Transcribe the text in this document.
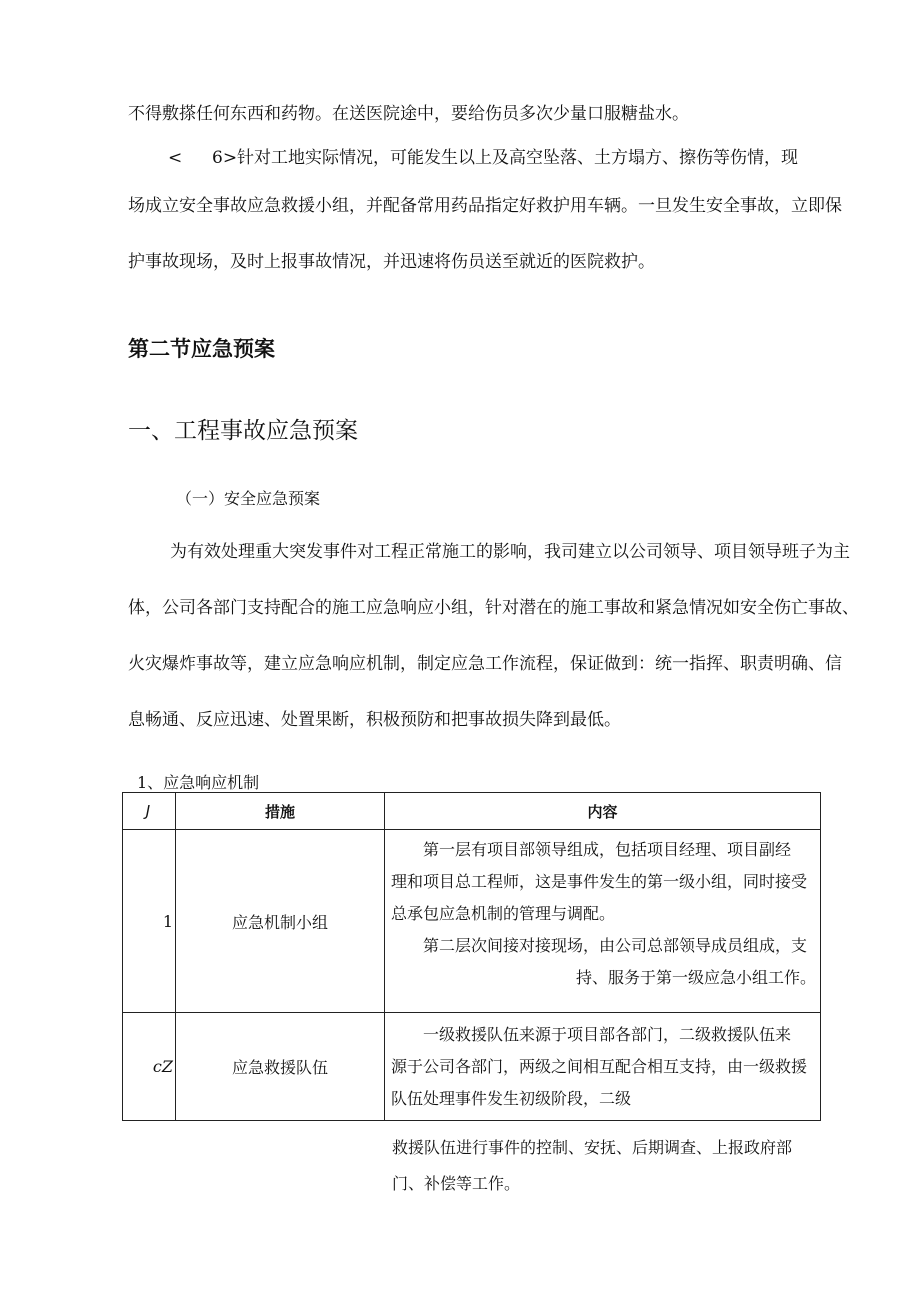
不得敷搽任何东西和药物。在送医院途中，要给伤员多次少量口服糖盐水。
< 6>针对工地实际情况，可能发生以上及高空坠落、土方塌方、擦伤等伤情，现
场成立安全事故应急救援小组，并配备常用药品指定好救护用车辆。一旦发生安全事故，立即保
护事故现场，及时上报事故情况，并迅速将伤员送至就近的医院救护。
第二节应急预案
一、工程事故应急预案
（一）安全应急预案
为有效处理重大突发事件对工程正常施工的影响，我司建立以公司领导、项目领导班子为主
体，公司各部门支持配合的施工应急响应小组，针对潜在的施工事故和紧急情况如安全伤亡事故、
火灾爆炸事故等，建立应急响应机制，制定应急工作流程，保证做到：统一指挥、职责明确、信
息畅通、反应迅速、处置果断，积极预防和把事故损失降到最低。
1、应急响应机制
J	措施	内容
1	应急机制小组	第一层有项目部领导组成，包括项目经理、项目副经

理和项目总工程师，这是事件发生的第一级小组，同时接受

总承包应急机制的管理与调配。

第二层次间接对接现场，由公司总部领导成员组成，支

持、服务于第一级应急小组工作。

cZ	应急救援队伍	一级救援队伍来源于项目部各部门，二级救援队伍来

源于公司各部门，两级之间相互配合相互支持，由一级救援

队伍处理事件发生初级阶段，二级

救援队伍进行事件的控制、安抚、后期调查、上报政府部
门、补偿等工作。
